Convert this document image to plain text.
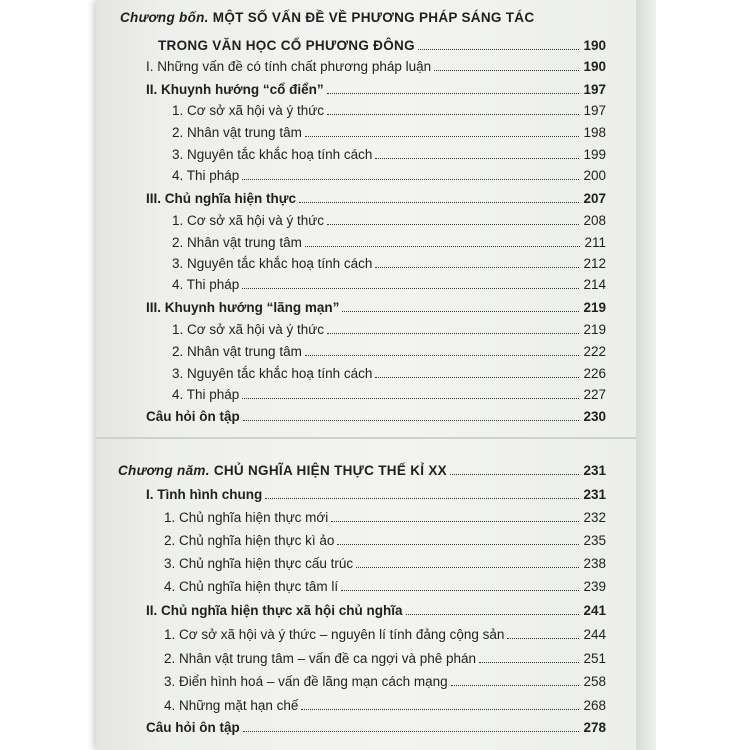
Chương bốn. MỘT SỐ VẤN ĐỀ VỀ PHƯƠNG PHÁP SÁNG TÁC
TRONG VĂN HỌC CỔ PHƯƠNG ĐÔNG	190
I. Những vấn đề có tính chất phương pháp luận	190
II. Khuynh hướng “cổ điển”	197
1. Cơ sở xã hội và ý thức	197
2. Nhân vật trung tâm	198
3. Nguyên tắc khắc hoạ tính cách	199
4. Thi pháp	200
III. Chủ nghĩa hiện thực	207
1. Cơ sở xã hội và ý thức	208
2. Nhân vật trung tâm	211
3. Nguyên tắc khắc hoạ tính cách	212
4. Thi pháp	214
III. Khuynh hướng “lãng mạn”	219
1. Cơ sở xã hội và ý thức	219
2. Nhân vật trung tâm	222
3. Nguyên tắc khắc hoạ tính cách	226
4. Thi pháp	227
Câu hỏi ôn tập	230
Chương năm. CHỦ NGHĨA HIỆN THỰC THẾ KỈ XX	231
I. Tình hình chung	231
1. Chủ nghĩa hiện thực mới	232
2. Chủ nghĩa hiện thực kì ảo	235
3. Chủ nghĩa hiện thực cấu trúc	238
4. Chủ nghĩa hiện thực tâm lí	239
II. Chủ nghĩa hiện thực xã hội chủ nghĩa	241
1. Cơ sở xã hội và ý thức – nguyên lí tính đảng cộng sản	244
2. Nhân vật trung tâm – vấn đề ca ngợi và phê phán	251
3. Điển hình hoá – vấn đề lãng mạn cách mạng	258
4. Những mặt hạn chế	268
Câu hỏi ôn tập	278
